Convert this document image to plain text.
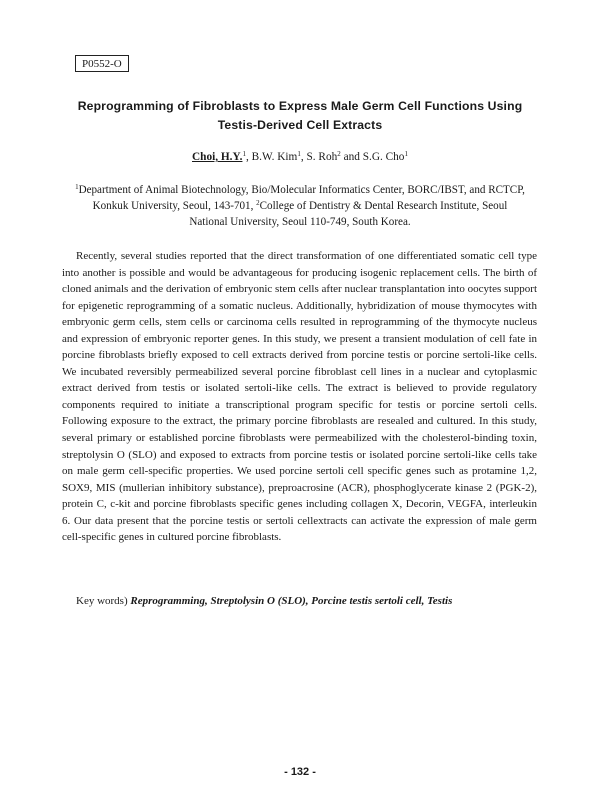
P0552-O
Reprogramming of Fibroblasts to Express Male Germ Cell Functions Using
Testis-Derived Cell Extracts
Choi, H.Y.$^1$, B.W. Kim$^1$, S. Roh$^2$ and S.G. Cho$^1$
$^1$Department of Animal Biotechnology, Bio/Molecular Informatics Center, BORC/IBST, and RCTCP, Konkuk University, Seoul, 143-701, $^2$College of Dentistry & Dental Research Institute, Seoul National University, Seoul 110-749, South Korea.

Recently, several studies reported that the direct transformation of one differentiated somatic cell type into another is possible and would be advantageous for producing isogenic replacement cells. The birth of cloned animals and the derivation of embryonic stem cells after nuclear transplantation into oocytes support for epigenetic reprogramming of a somatic nucleus. Additionally, hybridization of mouse thymocytes with embryonic germ cells, stem cells or carcinoma cells resulted in reprogramming of the thymocyte nucleus and expression of embryonic reporter genes. In this study, we present a transient modulation of cell fate in porcine fibroblasts briefly exposed to cell extracts derived from porcine testis or porcine sertoli-like cells. We incubated reversibly permeabilized several porcine fibroblast cell lines in a nuclear and cytoplasmic extract derived from testis or isolated sertoli-like cells. The extract is believed to provide regulatory components required to initiate a transcriptional program specific for testis or porcine sertoli cells. Following exposure to the extract, the primary porcine fibroblasts are resealed and cultured. In this study, several primary or established porcine fibroblasts were permeabilized with the cholesterol-binding toxin, streptolysin O (SLO) and exposed to extracts from porcine testis or isolated porcine sertoli-like cells take on male germ cell-specific properties. We used porcine sertoli cell specific genes such as protamine 1,2, SOX9, MIS (mullerian inhibitory substance), preproacrosine (ACR), phosphoglycerate kinase 2 (PGK-2), protein C, c-kit and porcine fibroblasts specific genes including collagen X, Decorin, VEGFA, interleukin 6. Our data present that the porcine testis or sertoli cellextracts can activate the expression of male germ cell-specific genes in cultured porcine fibroblasts.

Key words) Reprogramming, Streptolysin O (SLO), Porcine testis sertoli cell, Testis
- 132 -
